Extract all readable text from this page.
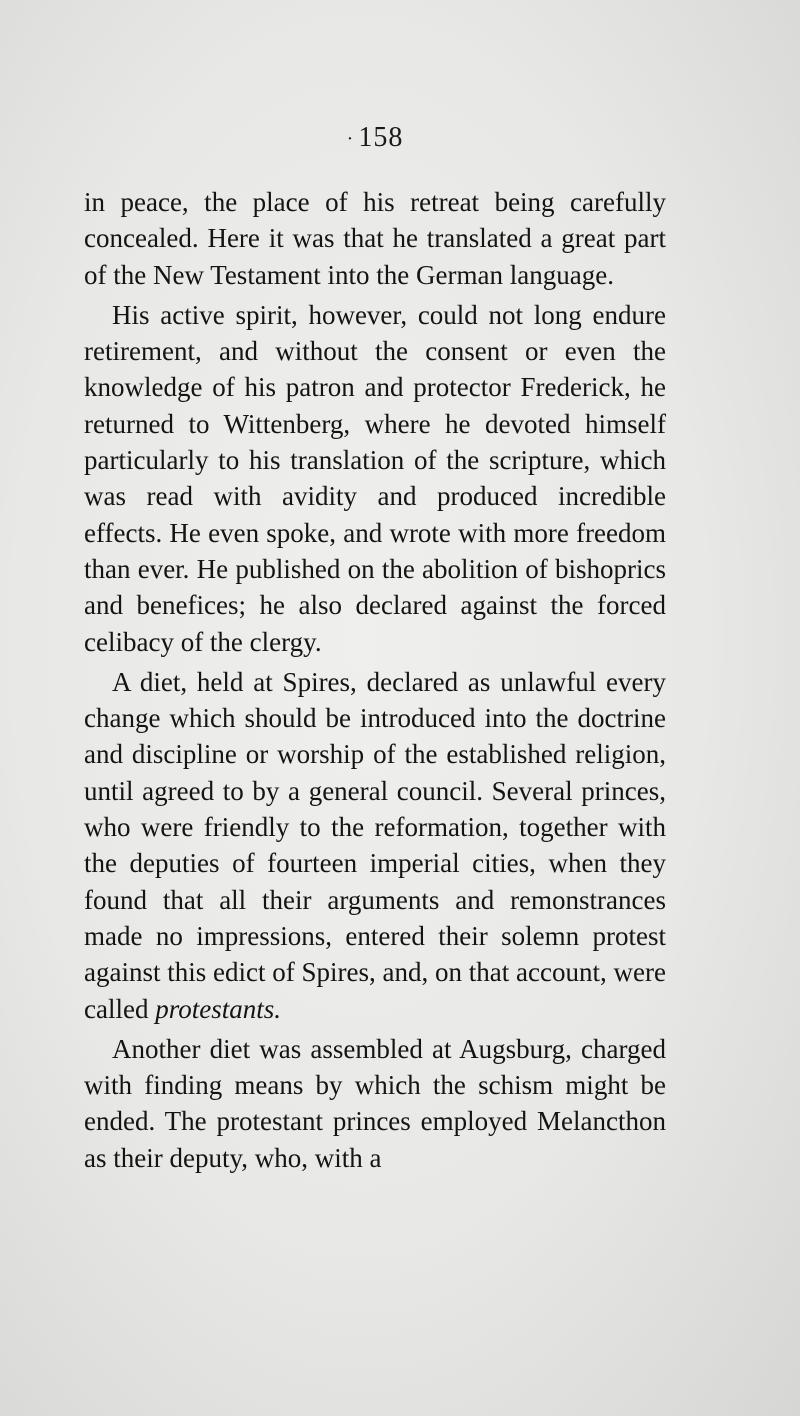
· 158

in peace, the place of his retreat being carefully concealed. Here it was that he translated a great part of the New Testament into the German language.

His active spirit, however, could not long endure retirement, and without the consent or even the knowledge of his patron and protector Frederick, he returned to Wittenberg, where he devoted himself particularly to his translation of the scripture, which was read with avidity and produced incredible effects. He even spoke, and wrote with more freedom than ever. He published on the abolition of bishoprics and benefices; he also declared against the forced celibacy of the clergy.

A diet, held at Spires, declared as unlawful every change which should be introduced into the doctrine and discipline or worship of the established religion, until agreed to by a general council. Several princes, who were friendly to the reformation, together with the deputies of fourteen imperial cities, when they found that all their arguments and remonstrances made no impressions, entered their solemn protest against this edict of Spires, and, on that account, were called protestants.

Another diet was assembled at Augsburg, charged with finding means by which the schism might be ended. The protestant princes employed Melancthon as their deputy, who, with a
